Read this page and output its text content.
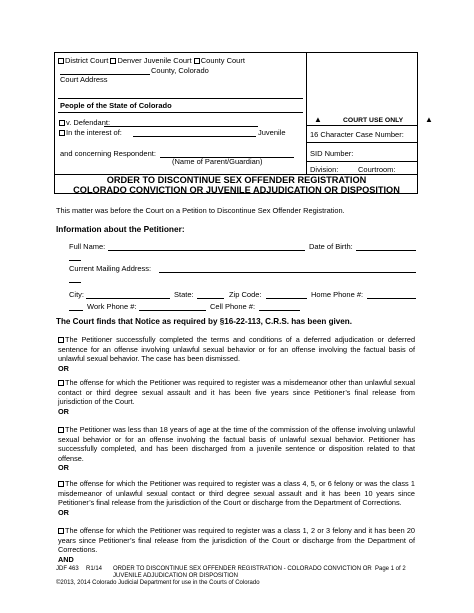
District Court Denver Juvenile Court County Court
County, Colorado
Court Address
People of the State of Colorado
v. Defendant:
In the interest of:	Juvenile
and concerning Respondent:
(Name of Parent/Guardian)
▲	COURT USE ONLY	▲
16 Character Case Number:
SID Number:
Division:	Courtroom:
ORDER TO DISCONTINUE SEX OFFENDER REGISTRATION
COLORADO CONVICTION OR JUVENILE ADJUDICATION OR DISPOSITION
This matter was before the Court on a Petition to Discontinue Sex Offender Registration.
Information about the Petitioner:
Full Name:	Date of Birth:
Current Mailing Address:
City:	State:	Zip Code:	Home Phone #:
Work Phone #:	Cell Phone #:
The Court finds that Notice as required by §16-22-113, C.R.S. has been given.
The Petitioner successfully completed the terms and conditions of a deferred adjudication or deferred sentence for an offense involving unlawful sexual behavior or for an offense involving the factual basis of unlawful sexual behavior. The case has been dismissed.
OR
The offense for which the Petitioner was required to register was a misdemeanor other than unlawful sexual contact or third degree sexual assault and it has been five years since Petitioner’s final release from jurisdiction of the Court.
OR
The Petitioner was less than 18 years of age at the time of the commission of the offense involving unlawful sexual behavior or for an offense involving the factual basis of unlawful sexual behavior. Petitioner has successfully completed, and has been discharged from a juvenile sentence or disposition related to that offense.
OR
The offense for which the Petitioner was required to register was a class 4, 5, or 6 felony or was the class 1 misdemeanor of unlawful sexual contact or third degree sexual assault and it has been 10 years since Petitioner’s final release from the jurisdiction of the Court or discharge from the Department of Corrections.
OR
The offense for which the Petitioner was required to register was a class 1, 2 or 3 felony and it has been 20 years since Petitioner’s final release from the jurisdiction of the Court or discharge from the Department of Corrections.
AND
JDF 463 R1/14 ORDER TO DISCONTINUE SEX OFFENDER REGISTRATION - COLORADO CONVICTION OR
JUVENILE ADJUDICATION OR DISPOSITION
©2013, 2014 Colorado Judicial Department for use in the Courts of Colorado
Page 1 of 2
